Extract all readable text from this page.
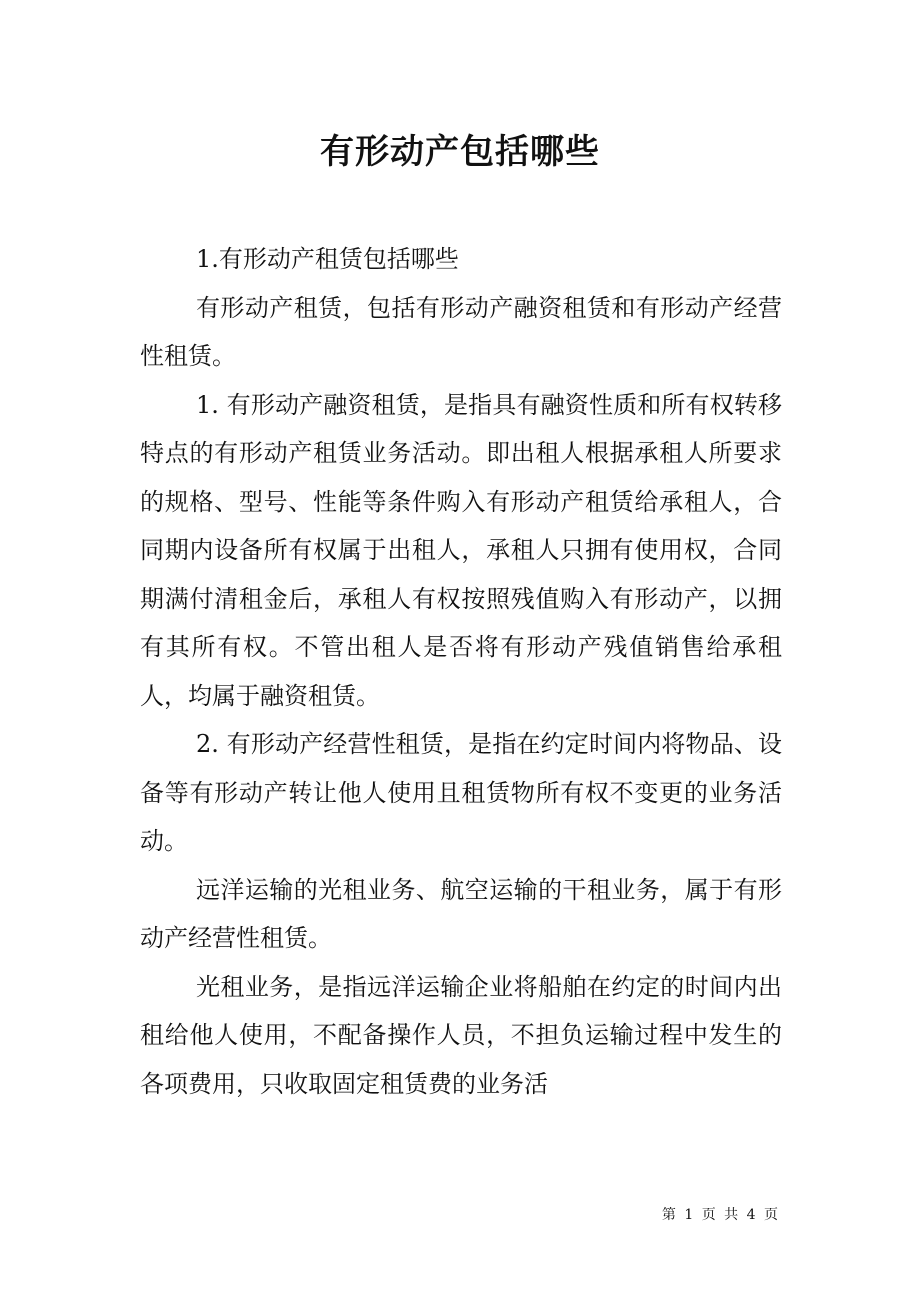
有形动产包括哪些

1.有形动产租赁包括哪些

有形动产租赁，包括有形动产融资租赁和有形动产经营性租赁。

1. 有形动产融资租赁，是指具有融资性质和所有权转移特点的有形动产租赁业务活动。即出租人根据承租人所要求的规格、型号、性能等条件购入有形动产租赁给承租人，合同期内设备所有权属于出租人，承租人只拥有使用权，合同期满付清租金后，承租人有权按照残值购入有形动产，以拥有其所有权。不管出租人是否将有形动产残值销售给承租人，均属于融资租赁。

2. 有形动产经营性租赁，是指在约定时间内将物品、设备等有形动产转让他人使用且租赁物所有权不变更的业务活动。

远洋运输的光租业务、航空运输的干租业务，属于有形动产经营性租赁。

光租业务，是指远洋运输企业将船舶在约定的时间内出租给他人使用，不配备操作人员，不担负运输过程中发生的各项费用，只收取固定租赁费的业务活

第 1 页 共 4 页
